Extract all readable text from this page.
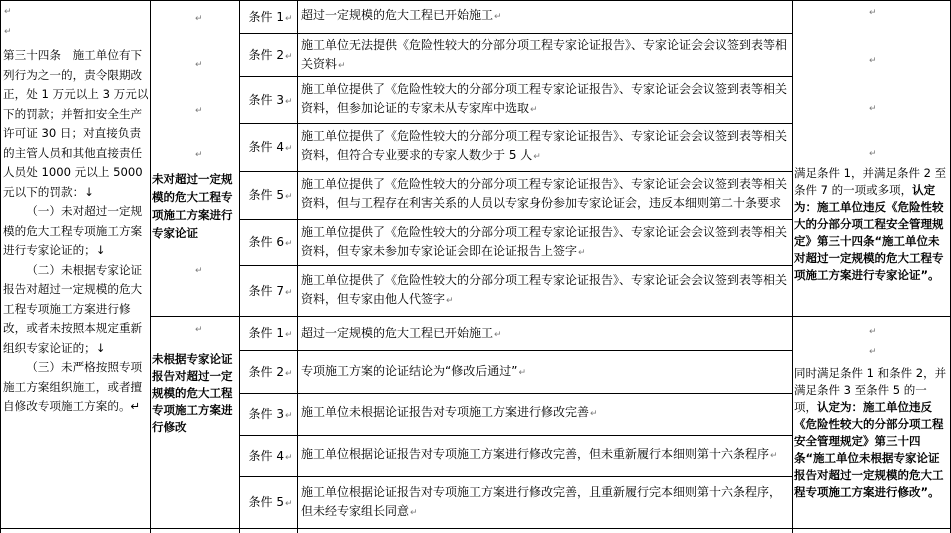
↵
↵
第三十四条　施工单位有下列行为之一的，责令限期改正，处 1 万元以上 3 万元以下的罚款；并暂扣安全生产许可证 30 日；对直接负责的主管人员和其他直接责任人员处 1000 元以上 5000 元以下的罚款：↓
（一）未对超过一定规模的危大工程专项施工方案进行专家论证的；↓
（二）未根据专家论证报告对超过一定规模的危大工程专项施工方案进行修改，或者未按照本规定重新组织专家论证的；↓
（三）未严格按照专项施工方案组织施工，或者擅自修改专项施工方案的。↵
↵
↵
↵
↵
未对超过一定规模的危大工程专项施工方案进行专家论证
↵
↵
未根据专家论证报告对超过一定规模的危大工程专项施工方案进行修改
条件 1↵ 超过一定规模的危大工程已开始施工↵
条件 2↵
施工单位无法提供《危险性较大的分部分项工程专家论证报告》、专家论证会会议签到表等相关资料↵
条件 3↵
施工单位提供了《危险性较大的分部分项工程专家论证报告》、专家论证会会议签到表等相关资料，但参加论证的专家未从专家库中选取↵
条件 4↵
施工单位提供了《危险性较大的分部分项工程专家论证报告》、专家论证会会议签到表等相关资料，但符合专业要求的专家人数少于 5 人↵
条件 5↵
施工单位提供了《危险性较大的分部分项工程专家论证报告》、专家论证会会议签到表等相关资料，但与工程存在利害关系的人员以专家身份参加专家论证会，违反本细则第二十条要求
条件 6↵
施工单位提供了《危险性较大的分部分项工程专家论证报告》、专家论证会会议签到表等相关资料，但专家未参加专家论证会即在论证报告上签字↵
条件 7↵
施工单位提供了《危险性较大的分部分项工程专家论证报告》、专家论证会会议签到表等相关资料，但专家由他人代签字↵
条件 1↵ 超过一定规模的危大工程已开始施工↵
条件 2↵ 专项施工方案的论证结论为“修改后通过”↵
条件 3↵ 施工单位未根据论证报告对专项施工方案进行修改完善↵
条件 4↵ 施工单位根据论证报告对专项施工方案进行修改完善，但未重新履行本细则第十六条程序↵
条件 5↵
施工单位根据论证报告对专项施工方案进行修改完善，且重新履行完本细则第十六条程序，但未经专家组长同意↵
↵
↵
↵
↵
满足条件 1，并满足条件 2 至条件 7 的一项或多项，认定为：施工单位违反《危险性较大的分部分项工程安全管理规定》第三十四条“施工单位未对超过一定规模的危大工程专项施工方案进行专家论证”。
↵
↵
同时满足条件 1 和条件 2，并满足条件 3 至条件 5 的一项，认定为：施工单位违反《危险性较大的分部分项工程安全管理规定》第三十四条“施工单位未根据专家论证报告对超过一定规模的危大工程专项施工方案进行修改”。
